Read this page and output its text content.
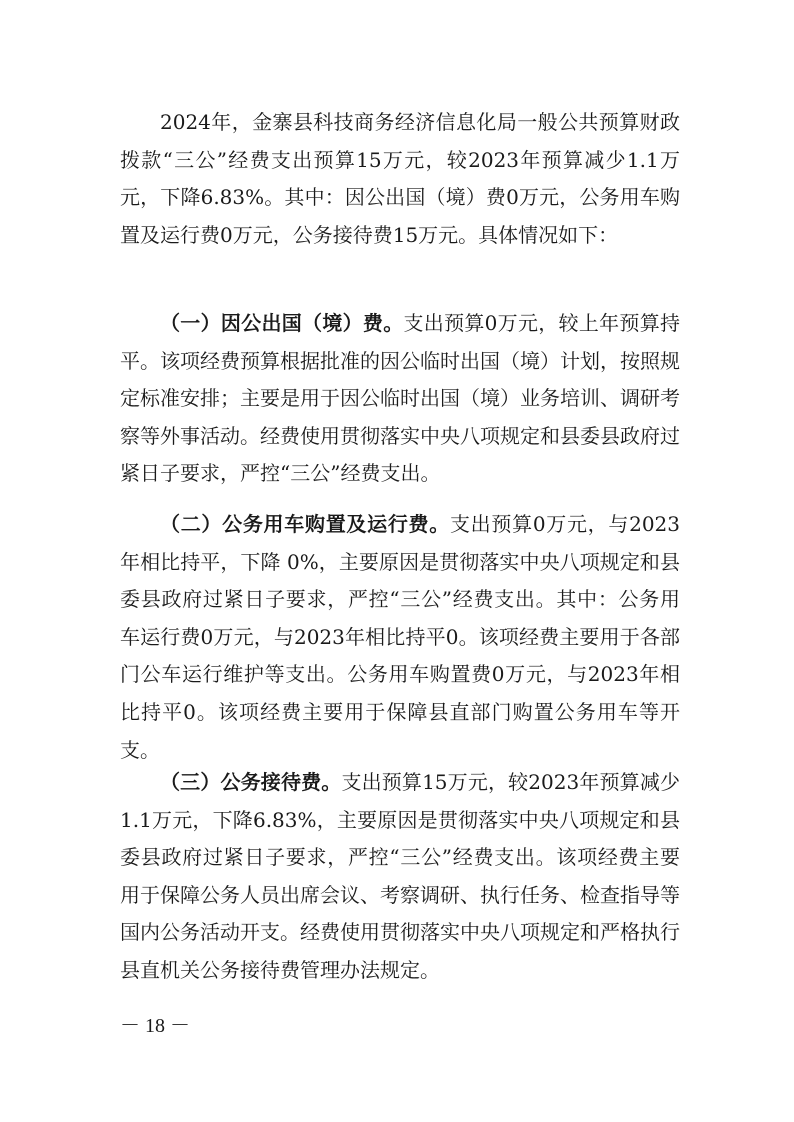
2024年，金寨县科技商务经济信息化局一般公共预算财政拨款“三公”经费支出预算15万元，较2023年预算减少1.1万元，下降6.83%。其中：因公出国（境）费0万元，公务用车购置及运行费0万元，公务接待费15万元。具体情况如下：

（一）因公出国（境）费。支出预算0万元，较上年预算持平。该项经费预算根据批准的因公临时出国（境）计划，按照规定标准安排；主要是用于因公临时出国（境）业务培训、调研考察等外事活动。经费使用贯彻落实中央八项规定和县委县政府过紧日子要求，严控“三公”经费支出。

（二）公务用车购置及运行费。支出预算0万元，与2023年相比持平，下降 0%，主要原因是贯彻落实中央八项规定和县委县政府过紧日子要求，严控“三公”经费支出。其中：公务用车运行费0万元，与2023年相比持平0。该项经费主要用于各部门公车运行维护等支出。公务用车购置费0万元，与2023年相比持平0。该项经费主要用于保障县直部门购置公务用车等开支。

（三）公务接待费。支出预算15万元，较2023年预算减少 1.1万元，下降6.83%，主要原因是贯彻落实中央八项规定和县委县政府过紧日子要求，严控“三公”经费支出。该项经费主要用于保障公务人员出席会议、考察调研、执行任务、检查指导等国内公务活动开支。经费使用贯彻落实中央八项规定和严格执行县直机关公务接待费管理办法规定。

－ 18 －
